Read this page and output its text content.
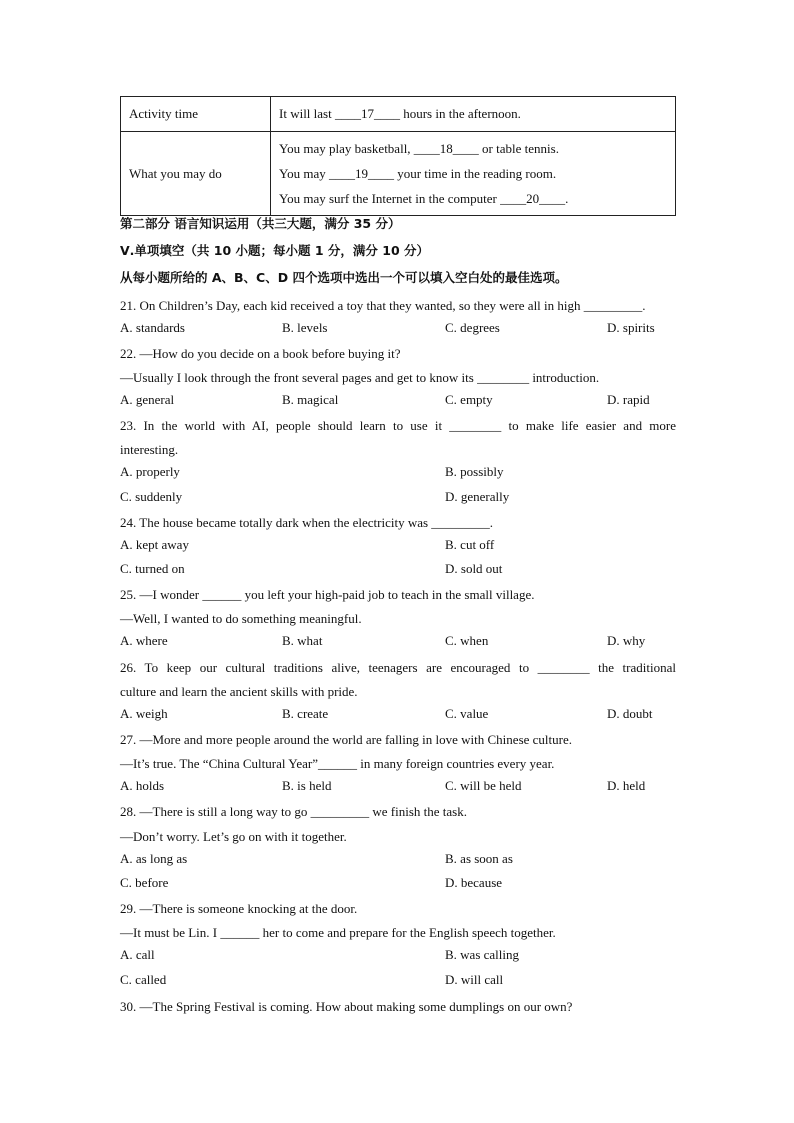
Activity time	It will last ____17____ hours in the afternoon.
What you may do	You may play basketball, ____18____ or table tennis.
You may ____19____ your time in the reading room.
You may surf the Internet in the computer ____20____.
第二部分 语言知识运用（共三大题，满分 35 分）
Ⅴ.单项填空（共 10 小题；每小题 1 分，满分 10 分）
从每小题所给的 A、B、C、D 四个选项中选出一个可以填入空白处的最佳选项。
21. On Children’s Day, each kid received a toy that they wanted, so they were all in high _________.
A. standards	B. levels	C. degrees	D. spirits
22. —How do you decide on a book before buying it?
—Usually I look through the front several pages and get to know its ________ introduction.
A. general	B. magical	C. empty	D. rapid
23. In the world with AI, people should learn to use it ________ to make life easier and more
interesting.
A. properly	B. possibly
C. suddenly	D. generally
24. The house became totally dark when the electricity was _________.
A. kept away	B. cut off
C. turned on	D. sold out
25. —I wonder ______ you left your high-paid job to teach in the small village.
—Well, I wanted to do something meaningful.
A. where	B. what	C. when	D. why
26. To keep our cultural traditions alive, teenagers are encouraged to ________ the traditional
culture and learn the ancient skills with pride.
A. weigh	B. create	C. value	D. doubt
27. —More and more people around the world are falling in love with Chinese culture.
—It’s true. The “China Cultural Year”______ in many foreign countries every year.
A. holds	B. is held	C. will be held	D. held
28. —There is still a long way to go _________ we finish the task.
—Don’t worry. Let’s go on with it together.
A. as long as	B. as soon as
C. before	D. because
29. —There is someone knocking at the door.
—It must be Lin. I ______ her to come and prepare for the English speech together.
A. call	B. was calling
C. called	D. will call
30. —The Spring Festival is coming. How about making some dumplings on our own?
